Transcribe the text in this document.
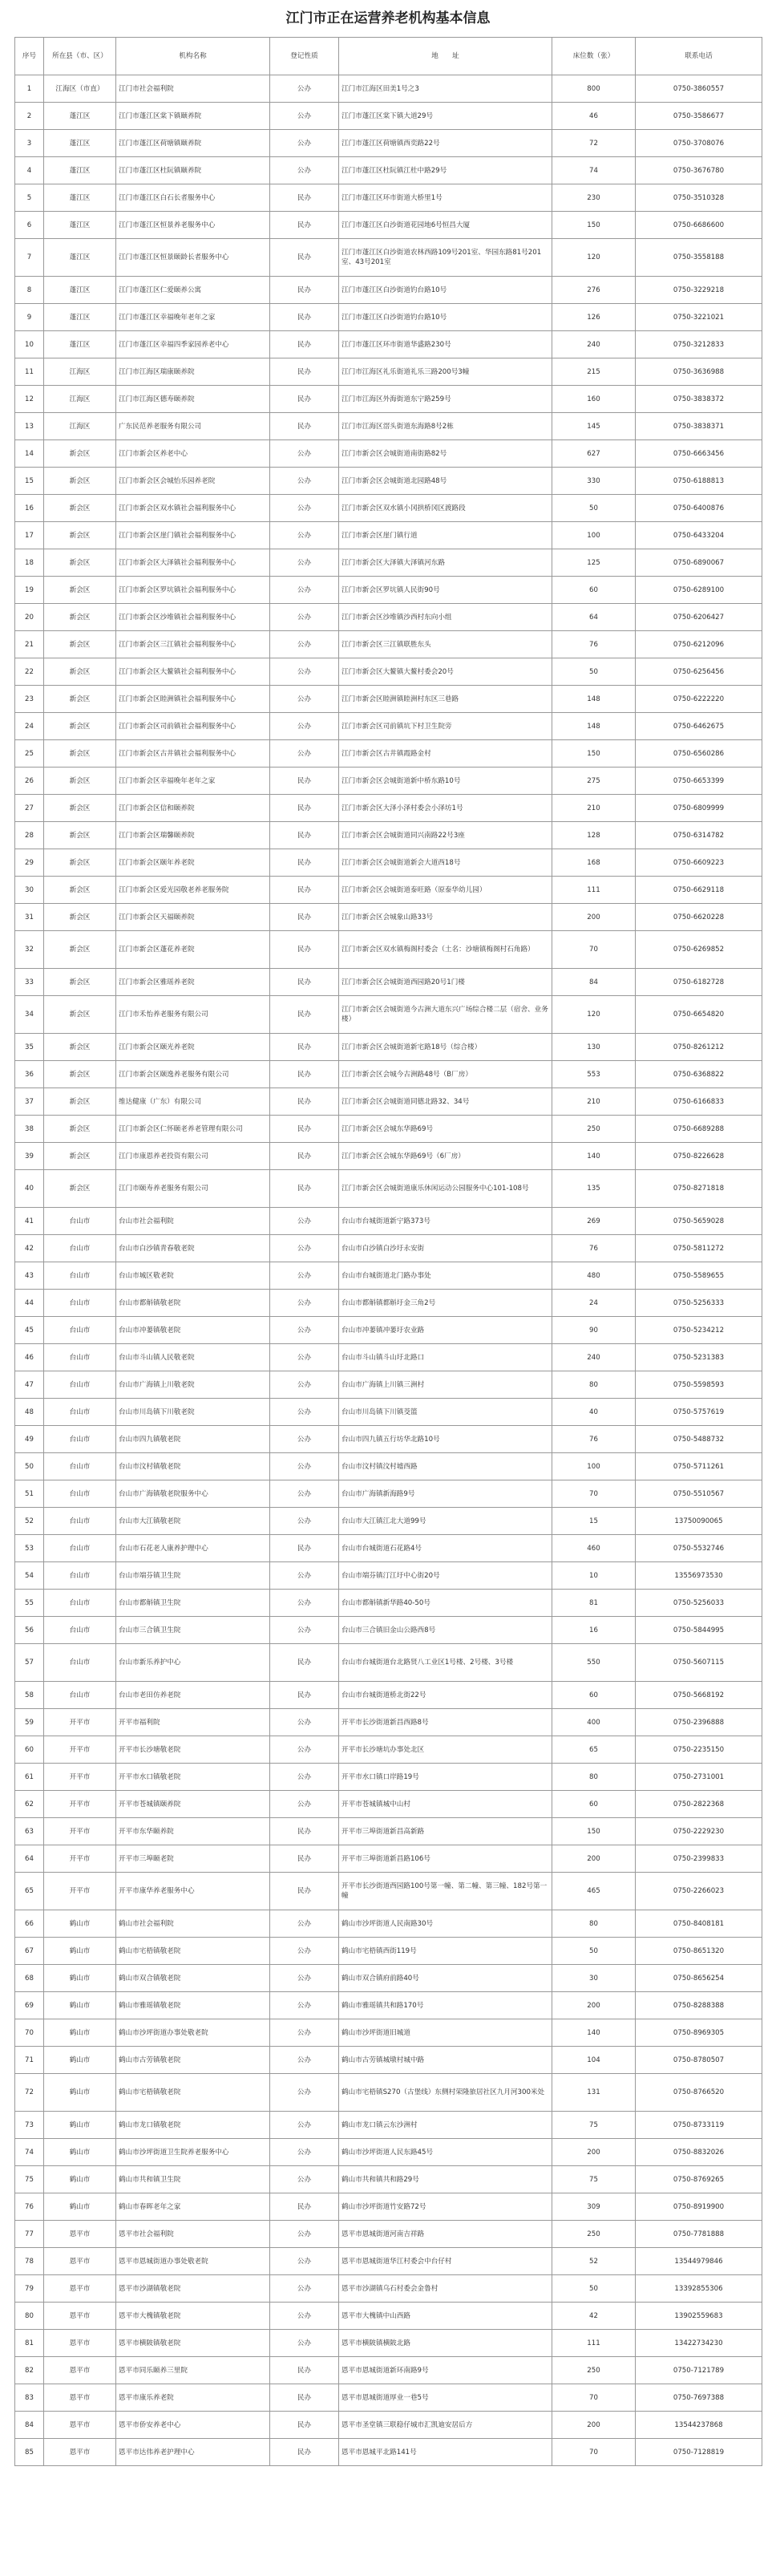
江门市正在运营养老机构基本信息
序号	所在县（市、区）	机构名称	登记性质	地　　址	床位数（张）	联系电话
1	江海区（市直）	江门市社会福利院	公办	江门市江海区田美1号之3	800	0750-3860557
2	蓬江区	江门市蓬江区棠下镇颐养院	公办	江门市蓬江区棠下镇大道29号	46	0750-3586677
3	蓬江区	江门市蓬江区荷塘镇颐养院	公办	江门市蓬江区荷塘镇西奕路22号	72	0750-3708076
4	蓬江区	江门市蓬江区杜阮镇颐养院	公办	江门市蓬江区杜阮镇江杜中路29号	74	0750-3676780
5	蓬江区	江门市蓬江区白石长者服务中心	民办	江门市蓬江区环市街道大桥里1号	230	0750-3510328
6	蓬江区	江门市蓬江区恒景养老服务中心	民办	江门市蓬江区白沙街道花园地6号恒昌大厦	150	0750-6686600
7	蓬江区	江门市蓬江区恒景颐龄长者服务中心	民办	江门市蓬江区白沙街道农林西路109号201室、华园东路81号201室、43号201室	120	0750-3558188
8	蓬江区	江门市蓬江区仁爱颐养公寓	民办	江门市蓬江区白沙街道钓台路10号	276	0750-3229218
9	蓬江区	江门市蓬江区幸福晚年老年之家	民办	江门市蓬江区白沙街道钓台路10号	126	0750-3221021
10	蓬江区	江门市蓬江区幸福四季家园养老中心	民办	江门市蓬江区环市街道华盛路230号	240	0750-3212833
11	江海区	江门市江海区瑞康颐养院	民办	江门市江海区礼乐街道礼乐三路200号3幢	215	0750-3636988
12	江海区	江门市江海区德寿颐养院	民办	江门市江海区外海街道东宁路259号	160	0750-3838372
13	江海区	广东民范养老服务有限公司	民办	江门市江海区滘头街道东海路8号2栋	145	0750-3838371
14	新会区	江门市新会区养老中心	公办	江门市新会区会城街道南街路82号	627	0750-6663456
15	新会区	江门市新会区会城怡乐园养老院	公办	江门市新会区会城街道北园路48号	330	0750-6188813
16	新会区	江门市新会区双水镇社会福利服务中心	公办	江门市新会区双水镇小冈拱桥冈区渡路段	50	0750-6400876
17	新会区	江门市新会区崖门镇社会福利服务中心	公办	江门市新会区崖门镇行道	100	0750-6433204
18	新会区	江门市新会区大泽镇社会福利服务中心	公办	江门市新会区大泽镇大泽镇河东路	125	0750-6890067
19	新会区	江门市新会区罗坑镇社会福利服务中心	公办	江门市新会区罗坑镇人民街90号	60	0750-6289100
20	新会区	江门市新会区沙堆镇社会福利服务中心	公办	江门市新会区沙堆镇沙西村东向小组	64	0750-6206427
21	新会区	江门市新会区三江镇社会福利服务中心	公办	江门市新会区三江镇联胜东头	76	0750-6212096
22	新会区	江门市新会区大鳌镇社会福利服务中心	公办	江门市新会区大鳌镇大鳌村委会20号	50	0750-6256456
23	新会区	江门市新会区睦洲镇社会福利服务中心	公办	江门市新会区睦洲镇睦洲村东区三巷路	148	0750-6222220
24	新会区	江门市新会区司前镇社会福利服务中心	公办	江门市新会区司前镇坑下村卫生院旁	148	0750-6462675
25	新会区	江门市新会区古井镇社会福利服务中心	公办	江门市新会区古井镇霞路金村	150	0750-6560286
26	新会区	江门市新会区幸福晚年老年之家	民办	江门市新会区会城街道新中桥东路10号	275	0750-6653399
27	新会区	江门市新会区信和颐养院	民办	江门市新会区大泽小泽村委会小泽坊1号	210	0750-6809999
28	新会区	江门市新会区瑞馨颐养院	民办	江门市新会区会城街道同兴南路22号3座	128	0750-6314782
29	新会区	江门市新会区颐年养老院	民办	江门市新会区会城街道新会大道西18号	168	0750-6609223
30	新会区	江门市新会区爱光园敬老养老服务院	民办	江门市新会区会城街道泰旺路（原泰华幼儿园）	111	0750-6629118
31	新会区	江门市新会区天福颐养院	民办	江门市新会区会城象山路33号	200	0750-6620228
32	新会区	江门市新会区蓬花养老院	民办	江门市新会区双水镇梅阁村委会（土名：沙塘镇梅阁村石角路）	70	0750-6269852
33	新会区	江门市新会区雅瑶养老院	民办	江门市新会区会城街道西园路20号1门楼	84	0750-6182728
34	新会区	江门市禾怡养老服务有限公司	民办	江门市新会区会城街道今古洲大道东兴广场综合楼二层（宿舍、业务楼）	120	0750-6654820
35	新会区	江门市新会区颐光养老院	民办	江门市新会区会城街道新宅路18号（综合楼）	130	0750-8261212
36	新会区	江门市新会区颐逸养老服务有限公司	民办	江门市新会区会城今古洲路48号（B厂房）	553	0750-6368822
37	新会区	维达健康（广东）有限公司	民办	江门市新会区会城街道同德北路32、34号	210	0750-6166833
38	新会区	江门市新会区仁怀颐老养老管理有限公司	民办	江门市新会区会城东华路69号	250	0750-6689288
39	新会区	江门市康恩养老投资有限公司	民办	江门市新会区会城东华路69号（6厂房）	140	0750-8226628
40	新会区	江门市颐寿养老服务有限公司	民办	江门市新会区会城街道康乐休闲运动公园服务中心101-108号	135	0750-8271818
41	台山市	台山市社会福利院	公办	台山市台城街道新宁路373号	269	0750-5659028
42	台山市	台山市白沙镇青春敬老院	公办	台山市白沙镇白沙圩永安街	76	0750-5811272
43	台山市	台山市城区敬老院	公办	台山市台城街道北门路办事处	480	0750-5589655
44	台山市	台山市都斛镇敬老院	公办	台山市都斛镇都斛圩金三角2号	24	0750-5256333
45	台山市	台山市冲蒌镇敬老院	公办	台山市冲蒌镇冲蒌圩农业路	90	0750-5234212
46	台山市	台山市斗山镇人民敬老院	公办	台山市斗山镇斗山圩北路口	240	0750-5231383
47	台山市	台山市广海镇上川敬老院	公办	台山市广海镇上川镇三洲村	80	0750-5598593
48	台山市	台山市川岛镇下川敬老院	公办	台山市川岛镇下川镇茭篮	40	0750-5757619
49	台山市	台山市四九镇敬老院	公办	台山市四九镇五行坊华北路10号	76	0750-5488732
50	台山市	台山市汶村镇敬老院	公办	台山市汶村镇汶村墟西路	100	0750-5711261
51	台山市	台山市广海镇敬老院服务中心	公办	台山市广海镇新海路9号	70	0750-5510567
52	台山市	台山市大江镇敬老院	公办	台山市大江镇江北大道99号	15	13750090065
53	台山市	台山市石花老人康养护理中心	民办	台山市台城街道石花路4号	460	0750-5532746
54	台山市	台山市端芬镇卫生院	公办	台山市端芬镇汀江圩中心街20号	10	13556973530
55	台山市	台山市都斛镇卫生院	公办	台山市都斛镇新华路40-50号	81	0750-5256033
56	台山市	台山市三合镇卫生院	公办	台山市三合镇旧金山公路西8号	16	0750-5844995
57	台山市	台山市新乐养护中心	民办	台山市台城街道台北路贤八工业区1号楼、2号楼、3号楼	550	0750-5607115
58	台山市	台山市老田仿养老院	民办	台山市台城街道桥北街22号	60	0750-5668192
59	开平市	开平市福利院	公办	开平市长沙街道新昌西路8号	400	0750-2396888
60	开平市	开平市长沙塘敬老院	公办	开平市长沙塘坑办事处北区	65	0750-2235150
61	开平市	开平市水口镇敬老院	公办	开平市水口镇口岸路19号	80	0750-2731001
62	开平市	开平市苍城镇颐养院	公办	开平市苍城镇城中山村	60	0750-2822368
63	开平市	开平市东华颐养院	民办	开平市三埠街道新昌高新路	150	0750-2229230
64	开平市	开平市三埠颐老院	民办	开平市三埠街道新昌路106号	200	0750-2399833
65	开平市	开平市康华养老服务中心	民办	开平市长沙街道西园路100号第一幢、第二幢、第三幢、182号第一幢	465	0750-2266023
66	鹤山市	鹤山市社会福利院	公办	鹤山市沙坪街道人民南路30号	80	0750-8408181
67	鹤山市	鹤山市宅梧镇敬老院	公办	鹤山市宅梧镇西街119号	50	0750-8651320
68	鹤山市	鹤山市双合镇敬老院	公办	鹤山市双合镇府前路40号	30	0750-8656254
69	鹤山市	鹤山市雅瑶镇敬老院	公办	鹤山市雅瑶镇共和路170号	200	0750-8288388
70	鹤山市	鹤山市沙坪街道办事处敬老院	公办	鹤山市沙坪街道旧城道	140	0750-8969305
71	鹤山市	鹤山市古劳镇敬老院	公办	鹤山市古劳镇城墩村城中路	104	0750-8780507
72	鹤山市	鹤山市宅梧镇敬老院	公办	鹤山市宅梧镇S270（古堡线）东侧村荣隆旅居社区九月河300米处	131	0750-8766520
73	鹤山市	鹤山市龙口镇敬老院	公办	鹤山市龙口镇云东沙洲村	75	0750-8733119
74	鹤山市	鹤山市沙坪街道卫生院养老服务中心	公办	鹤山市沙坪街道人民东路45号	200	0750-8832026
75	鹤山市	鹤山市共和镇卫生院	公办	鹤山市共和镇共和路29号	75	0750-8769265
76	鹤山市	鹤山市春晖老年之家	民办	鹤山市沙坪街道竹安路72号	309	0750-8919900
77	恩平市	恩平市社会福利院	公办	恩平市恩城街道河南吉祥路	250	0750-7781888
78	恩平市	恩平市恩城街道办事处敬老院	公办	恩平市恩城街道华江村委会中台仔村	52	13544979846
79	恩平市	恩平市沙湖镇敬老院	公办	恩平市沙湖镇乌石村委会金鲁村	50	13392855306
80	恩平市	恩平市大槐镇敬老院	公办	恩平市大槐镇中山西路	42	13902559683
81	恩平市	恩平市横陂镇敬老院	公办	恩平市横陂镇横陂北路	111	13422734230
82	恩平市	恩平市同乐颐养三里院	民办	恩平市恩城街道新环南路9号	250	0750-7121789
83	恩平市	恩平市康乐养老院	民办	恩平市恩城街道厚业一巷5号	70	0750-7697388
84	恩平市	恩平市侨安养老中心	民办	恩平市圣堂镇三联稳仔城市汇凯迪安居后方	200	13544237868
85	恩平市	恩平市达伟养老护理中心	民办	恩平市恩城平北路141号	70	0750-7128819
